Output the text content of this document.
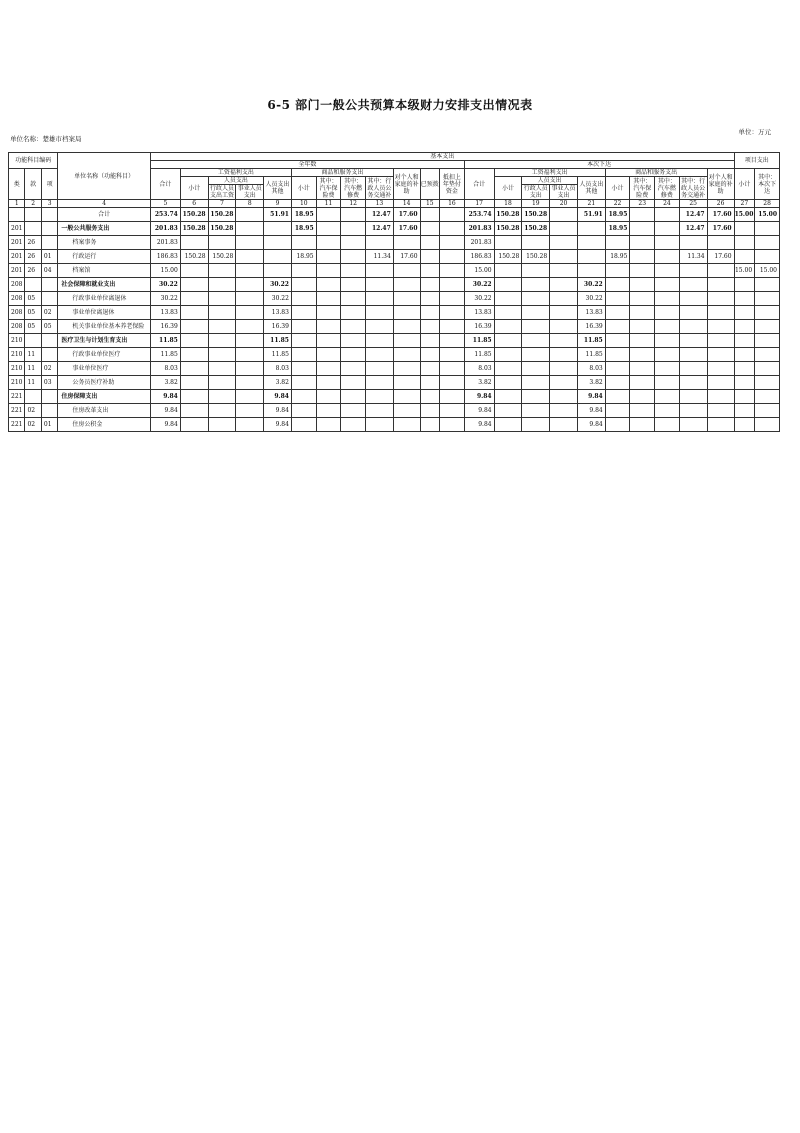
6-5 部门一般公共预算本级财力安排支出情况表
单位：万元
单位名称：楚雄市档案局
功能科目编码			单位名称（功能科目）	基本支出																						项目支出	
				全年数												本次下达											
类	款	项		合计	工资福利支出				商品和服务支出				对个人和家庭的补助	已预拨	抵扣上年垫付资金	合计	工资福利支出				商品和服务支出				对个人和家庭的补助	小计	其中：本次下达
					小计	人员支出		人员支出其他	小计	其中：汽车保险费	其中：汽车燃修费	其中：行政人员公务交通补					小计	人员支出		人员支出其他	小计	其中：汽车保险费	其中：汽车燃修费	其中：行政人员公务交通补			
						行政人员支出工资	事业人员支出											行政人员支出	事业人员支出								
1	2	3	4	5	6	7	8	9	10	11	12	13	14	15	16	17	18	19	20	21	22	23	24	25	26	27	28
			合计	253.74	150.28	150.28		51.91	18.95			12.47	17.60			253.74	150.28	150.28		51.91	18.95			12.47	17.60	15.00	15.00
201			一般公共服务支出	201.83	150.28	150.28			18.95			12.47	17.60			201.83	150.28	150.28			18.95			12.47	17.60		
201	26		档案事务	201.83												201.83											
201	26	01	行政运行	186.83	150.28	150.28			18.95			11.34	17.60			186.83	150.28	150.28			18.95			11.34	17.60		
201	26	04	档案馆	15.00												15.00										15.00	15.00
208			社会保障和就业支出	30.22				30.22								30.22				30.22							
208	05		行政事业单位离退休	30.22				30.22								30.22				30.22							
208	05	02	事业单位离退休	13.83				13.83								13.83				13.83							
208	05	05	机关事业单位基本养老保险	16.39				16.39								16.39				16.39							
210			医疗卫生与计划生育支出	11.85				11.85								11.85				11.85							
210	11		行政事业单位医疗	11.85				11.85								11.85				11.85							
210	11	02	事业单位医疗	8.03				8.03								8.03				8.03							
210	11	03	公务员医疗补助	3.82				3.82								3.82				3.82							
221			住房保障支出	9.84				9.84								9.84				9.84							
221	02		住房改革支出	9.84				9.84								9.84				9.84							
221	02	01	住房公积金	9.84				9.84								9.84				9.84							
